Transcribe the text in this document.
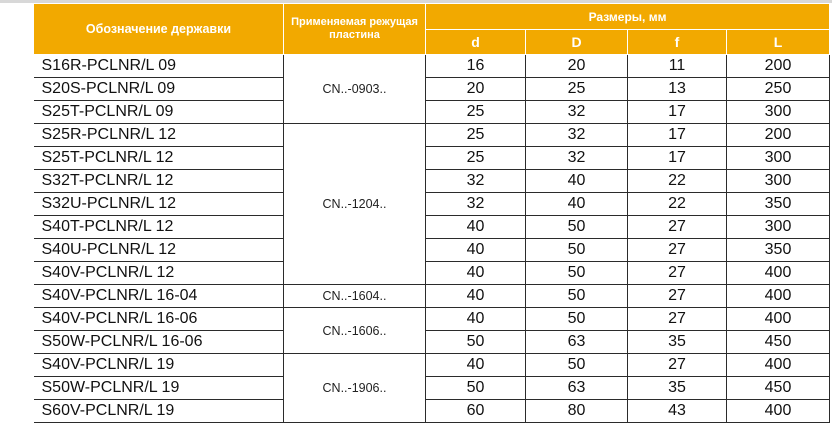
Обозначение державки	Применяемая режущая пластина	Размеры, мм			
		d	D	f	L
S16R-PCLNR/L 09	CN..-0903..	16	20	11	200
S20S-PCLNR/L 09		20	25	13	250
S25T-PCLNR/L 09		25	32	17	300
S25R-PCLNR/L 12	CN..-1204..	25	32	17	200
S25T-PCLNR/L 12		25	32	17	300
S32T-PCLNR/L 12		32	40	22	300
S32U-PCLNR/L 12		32	40	22	350
S40T-PCLNR/L 12		40	50	27	300
S40U-PCLNR/L 12		40	50	27	350
S40V-PCLNR/L 12		40	50	27	400
S40V-PCLNR/L 16-04	CN..-1604..	40	50	27	400
S40V-PCLNR/L 16-06	CN..-1606..	40	50	27	400
S50W-PCLNR/L 16-06		50	63	35	450
S40V-PCLNR/L 19	CN..-1906..	40	50	27	400
S50W-PCLNR/L 19		50	63	35	450
S60V-PCLNR/L 19		60	80	43	400
